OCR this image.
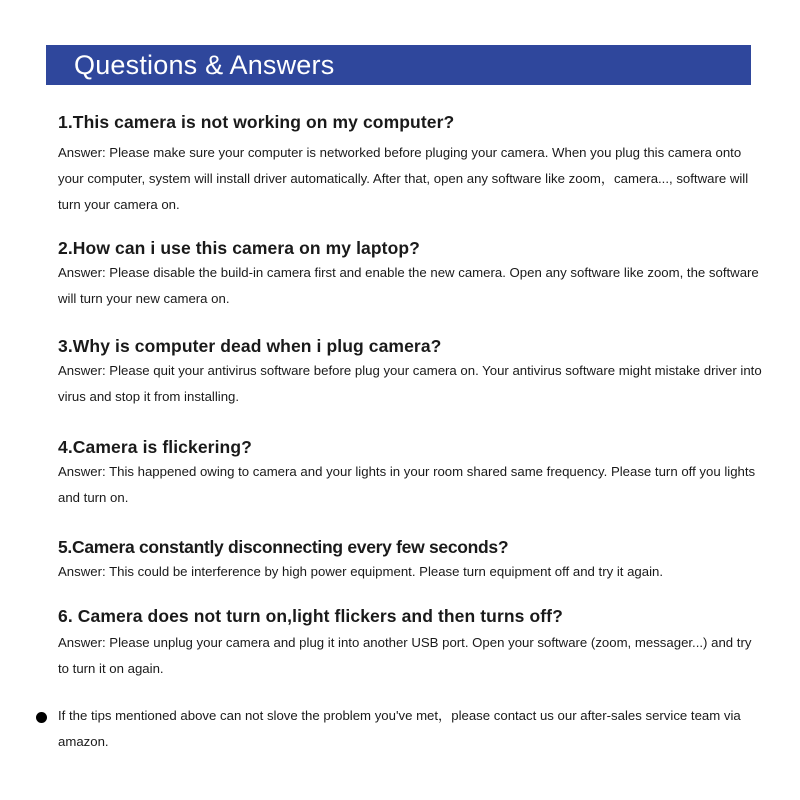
Questions & Answers
1.This camera is not working on my computer?

Answer: Please make sure your computer is networked before pluging your camera. When you plug this camera onto your computer, system will install driver automatically. After that, open any software like zoom，camera..., software will turn your camera on.

2.How can i use this camera on my laptop?

Answer: Please disable the build-in camera first and enable the new camera. Open any software like zoom, the software will turn your new camera on.

3.Why is computer dead when i plug camera?

Answer: Please quit your antivirus software before plug your camera on. Your antivirus software might mistake driver into virus and stop it from installing.

4.Camera is flickering?

Answer: This happened owing to camera and your lights in your room shared same frequency. Please turn off you lights and turn on.

5.Camera constantly disconnecting every few seconds?

Answer: This could be interference by high power equipment. Please turn equipment off and try it again.

6. Camera does not turn on,light flickers and then turns off?

Answer: Please unplug your camera and plug it into another USB port. Open your software (zoom, messager...) and try to turn it on again.

If the tips mentioned above can not slove the problem you've met，please contact us our after-sales service team via amazon.
